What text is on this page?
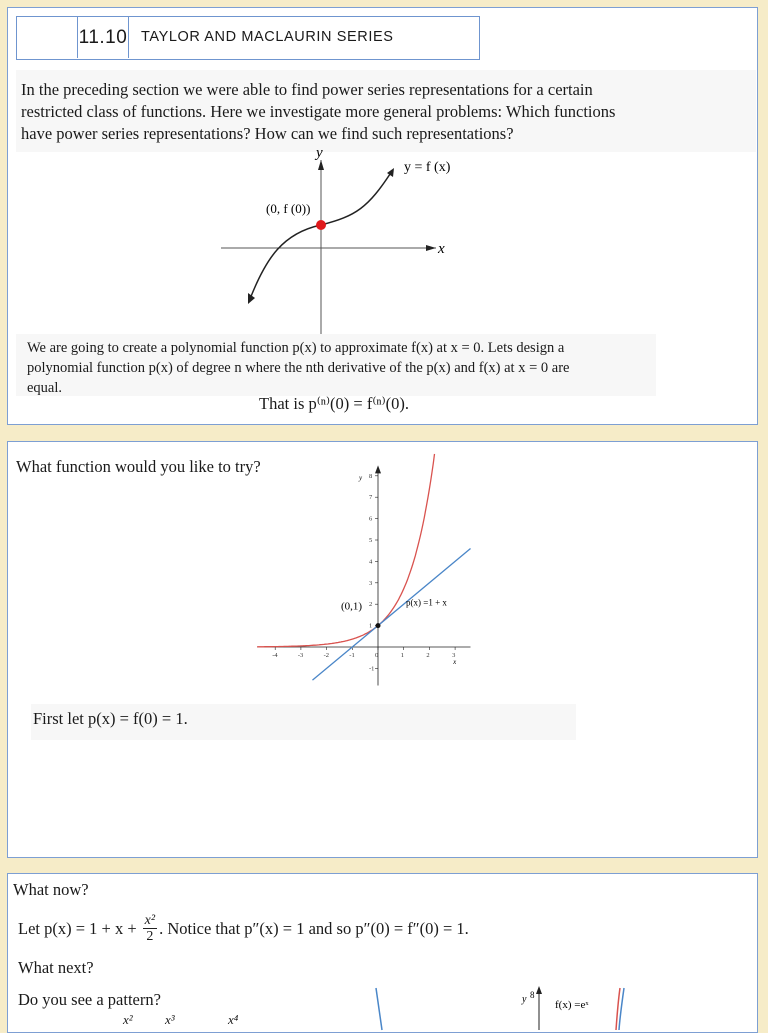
11.10 TAYLOR AND MACLAURIN SERIES
In the preceding section we were able to find power series representations for a certain
restricted class of functions. Here we investigate more general problems: Which functions
have power series representations? How can we find such representations?
y
x
y = f (x)
(0, f (0))
We are going to create a polynomial function p(x) to approximate f(x) at x = 0. Lets design a
polynomial function p(x) of degree n where the nth derivative of the p(x) and f(x) at x = 0 are
equal.
That is p⁽ⁿ⁾(0) = f⁽ⁿ⁾(0).
What function would you like to try?
-4	-3	-2	-1	0	1	2	3
-1
1
2
3
4
5
6
7
8
y
x
(0,1)	p(x) =1 + x
First let p(x) = f(0) = 1.
What now?
Let $p(x) = 1 + x + \frac{\text{x²}}{2}$ . Notice that p″(x) = 1 and so p″(0) = f″(0) = 1.
What next?
Do you see a pattern?
x² x³	x⁴
y 8
f(x) =eˣ
